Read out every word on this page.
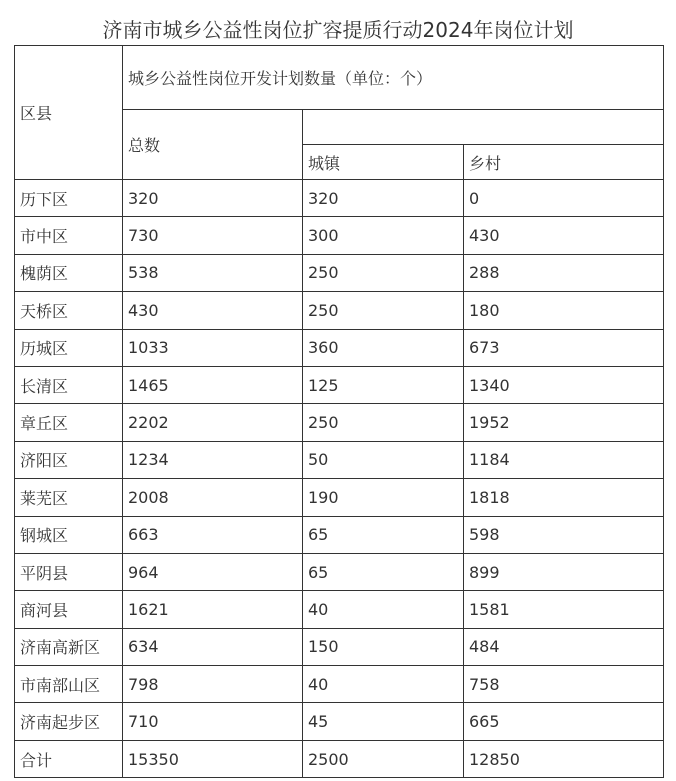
济南市城乡公益性岗位扩容提质行动2024年岗位计划
区县	城乡公益性岗位开发计划数量（单位：个）		
	总数		
		城镇	乡村
历下区	320	320	0
市中区	730	300	430
槐荫区	538	250	288
天桥区	430	250	180
历城区	1033	360	673
长清区	1465	125	1340
章丘区	2202	250	1952
济阳区	1234	50	1184
莱芜区	2008	190	1818
钢城区	663	65	598
平阴县	964	65	899
商河县	1621	40	1581
济南高新区	634	150	484
市南部山区	798	40	758
济南起步区	710	45	665
合计	15350	2500	12850
